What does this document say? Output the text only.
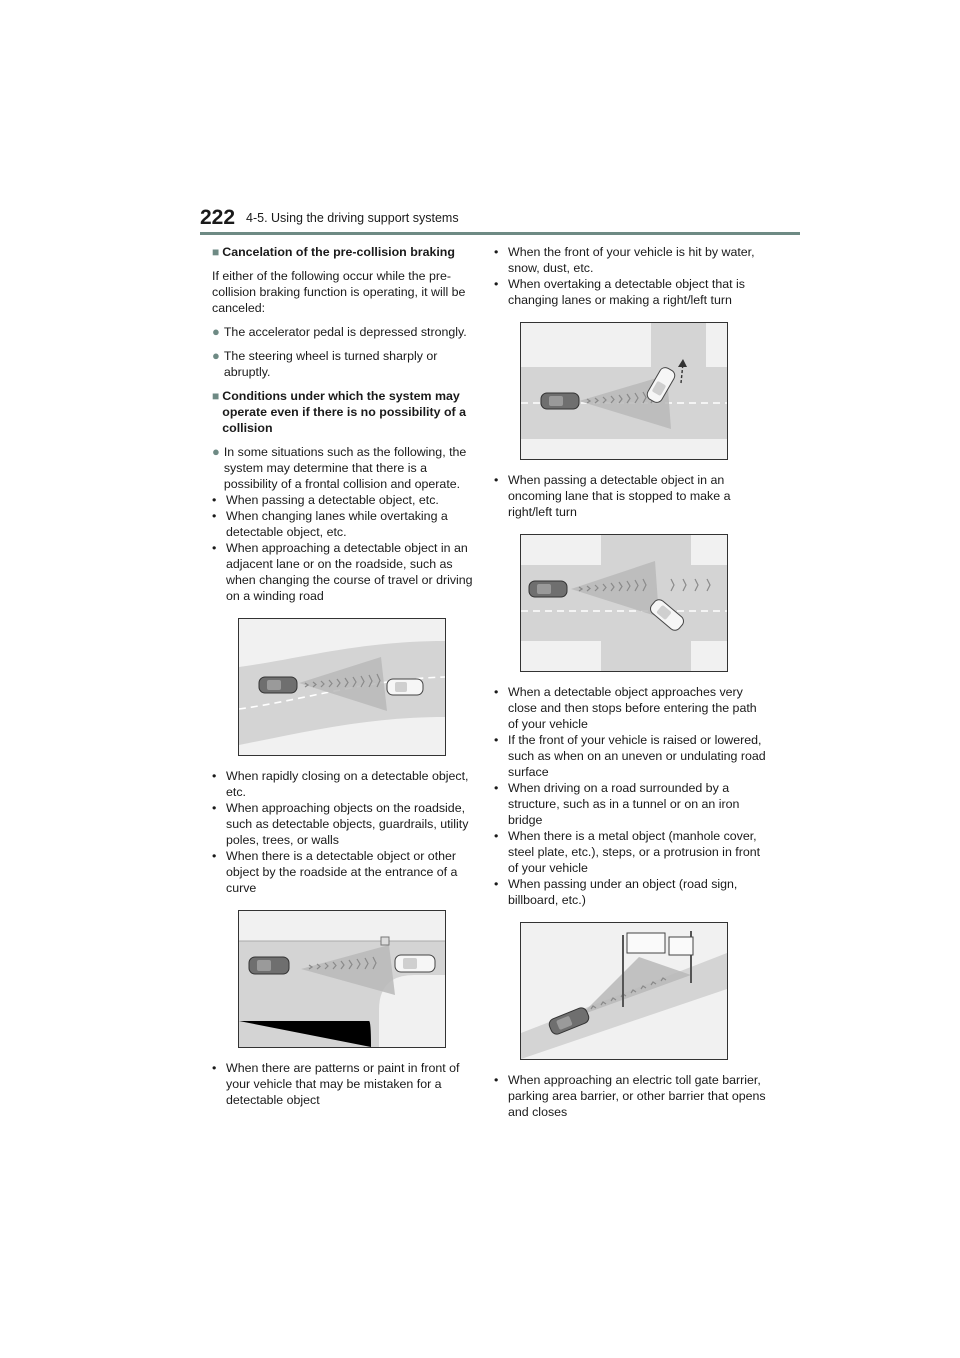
222 4-5. Using the driving support systems
■ Cancelation of the pre-collision braking
If either of the following occur while the pre-collision braking function is operating, it will be canceled:
● The accelerator pedal is depressed strongly.
● The steering wheel is turned sharply or abruptly.
■ Conditions under which the system may operate even if there is no possibility of a collision
● In some situations such as the following, the system may determine that there is a possibility of a frontal collision and operate.
• When passing a detectable object, etc.
• When changing lanes while overtaking a detectable object, etc.
• When approaching a detectable object in an adjacent lane or on the roadside, such as when changing the course of travel or driving on a winding road
• When rapidly closing on a detectable object, etc.
• When approaching objects on the roadside, such as detectable objects, guardrails, utility poles, trees, or walls
• When there is a detectable object or other object by the roadside at the entrance of a curve
• When there are patterns or paint in front of your vehicle that may be mistaken for a detectable object
• When the front of your vehicle is hit by water, snow, dust, etc.
• When overtaking a detectable object that is changing lanes or making a right/left turn
• When passing a detectable object in an oncoming lane that is stopped to make a right/left turn
• When a detectable object approaches very close and then stops before entering the path of your vehicle
• If the front of your vehicle is raised or lowered, such as when on an uneven or undulating road surface
• When driving on a road surrounded by a structure, such as in a tunnel or on an iron bridge
• When there is a metal object (manhole cover, steel plate, etc.), steps, or a protrusion in front of your vehicle
• When passing under an object (road sign, billboard, etc.)
• When approaching an electric toll gate barrier, parking area barrier, or other barrier that opens and closes
